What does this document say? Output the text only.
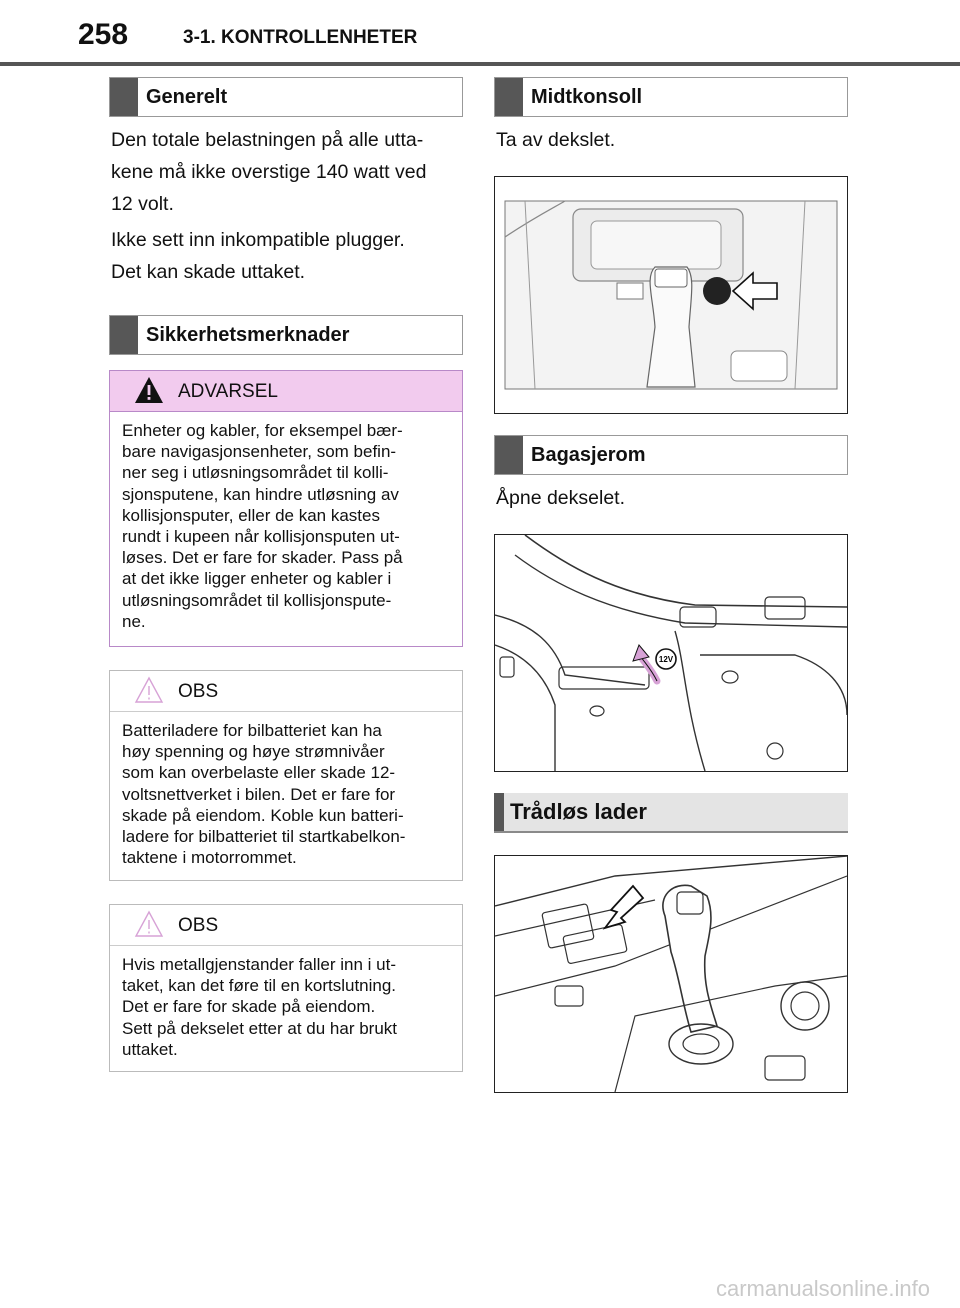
258	3-1. KONTROLLENHETER
Generelt
Den totale belastningen på alle utta-
kene må ikke overstige 140 watt ved
12 volt.
Ikke sett inn inkompatible plugger.
Det kan skade uttaket.
Sikkerhetsmerknader
ADVARSEL
Enheter og kabler, for eksempel bær-
bare navigasjonsenheter, som befin-
ner seg i utløsningsområdet til kolli-
sjonsputene, kan hindre utløsning av
kollisjonsputer, eller de kan kastes
rundt i kupeen når kollisjonsputen ut-
løses. Det er fare for skader. Pass på
at det ikke ligger enheter og kabler i
utløsningsområdet til kollisjonspute-
ne.
OBS
Batteriladere for bilbatteriet kan ha
høy spenning og høye strømnivåer
som kan overbelaste eller skade 12-
voltsnettverket i bilen. Det er fare for
skade på eiendom. Koble kun batteri-
ladere for bilbatteriet til startkabelkon-
taktene i motorrommet.
OBS
Hvis metallgjenstander faller inn i ut-
taket, kan det føre til en kortslutning.
Det er fare for skade på eiendom.
Sett på dekselet etter at du har brukt
uttaket.
Midtkonsoll
Ta av dekslet.
Bagasjerom
Åpne dekselet.
12V
Trådløs lader
carmanualsonline.info
